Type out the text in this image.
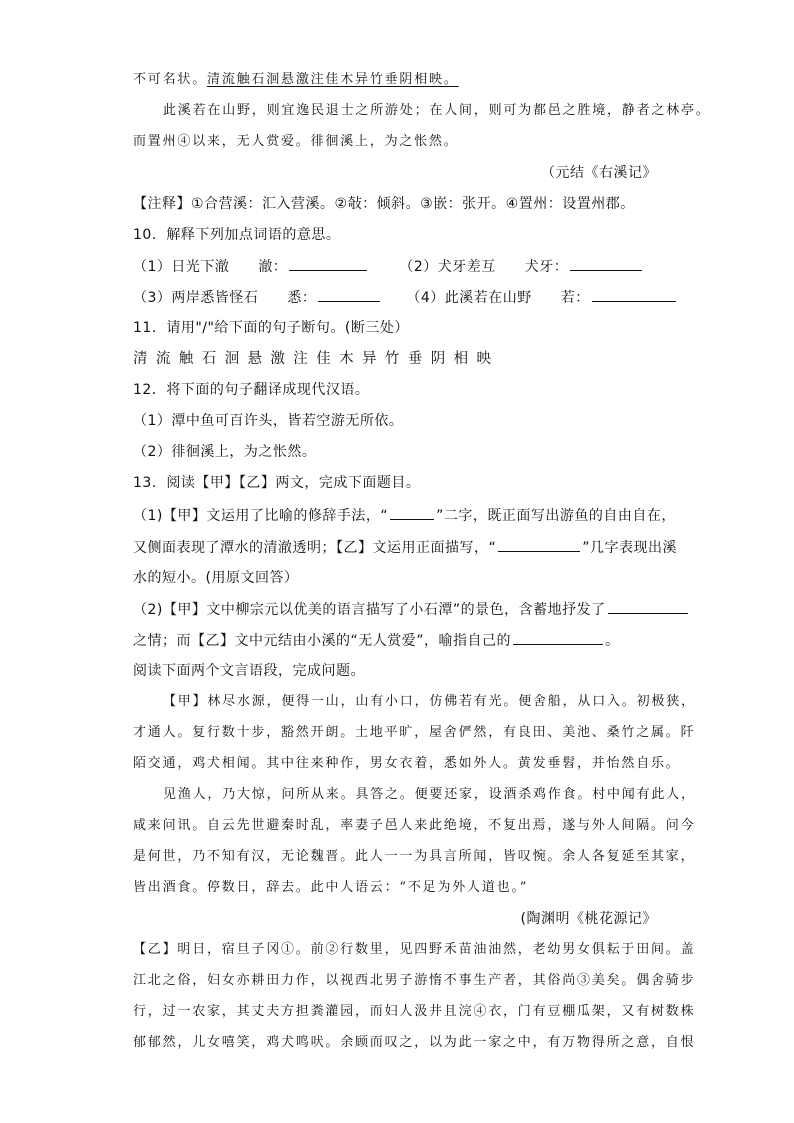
不可名状。清流触石洄悬激注佳木异竹垂阴相映。
此溪若在山野，则宜逸民退士之所游处；在人间，则可为都邑之胜境，静者之林亭。
而置州④以来，无人赏爱。徘徊溪上，为之怅然。
（元结《右溪记》
【注释】①合营溪：汇入营溪。②敧：倾斜。③嵌：张开。④置州：设置州郡。
10．解释下列加点词语的意思。
（1）日光下澈　　澈：	（2）犬牙差互　　犬牙：
（3）两岸悉皆怪石　　悉：	（4）此溪若在山野　　若：
11．请用"/"给下面的句子断句。(断三处）
清流触石洄悬激注佳木异竹垂阴相映
12．将下面的句子翻译成现代汉语。
（1）潭中鱼可百许头，皆若空游无所依。
（2）徘徊溪上，为之怅然。
13．阅读【甲】【乙】两文，完成下面题目。
（1)【甲】文运用了比喻的修辞手法，“	”二字，既正面写出游鱼的自由自在，
又侧面表现了潭水的清澈透明；【乙】文运用正面描写，“	”几字表现出溪
水的短小。(用原文回答）
（2)【甲】文中柳宗元以优美的语言描写了小石潭”的景色，含蓄地抒发了
之情；而【乙】文中元结由小溪的“无人赏爱”，喻指自己的	。
阅读下面两个文言语段，完成问题。
【甲】林尽水源，便得一山，山有小口，仿佛若有光。便舍船，从口入。初极狭，
才通人。复行数十步，豁然开朗。土地平旷，屋舍俨然，有良田、美池、桑竹之属。阡
陌交通，鸡犬相闻。其中往来种作，男女衣着，悉如外人。黄发垂髫，并怡然自乐。
见渔人，乃大惊，问所从来。具答之。便要还家，设酒杀鸡作食。村中闻有此人，
咸来问讯。自云先世避秦时乱，率妻子邑人来此绝境，不复出焉，遂与外人间隔。问今
是何世，乃不知有汉，无论魏晋。此人一一为具言所闻，皆叹惋。余人各复延至其家，
皆出酒食。停数日，辞去。此中人语云：“不足为外人道也。”
(陶渊明《桃花源记》
【乙】明日，宿旦子冈①。前②行数里，见四野禾苗油油然，老幼男女俱耘于田间。盖
江北之俗，妇女亦耕田力作，以视西北男子游惰不事生产者，其俗尚③美矣。偶舍骑步
行，过一农家，其丈夫方担粪灌园，而妇人汲井且浣④衣，门有豆棚瓜架，又有树数株
郁郁然，儿女嘻笑，鸡犬鸣吠。余顾而叹之，以为此一家之中，有万物得所之意，自恨
